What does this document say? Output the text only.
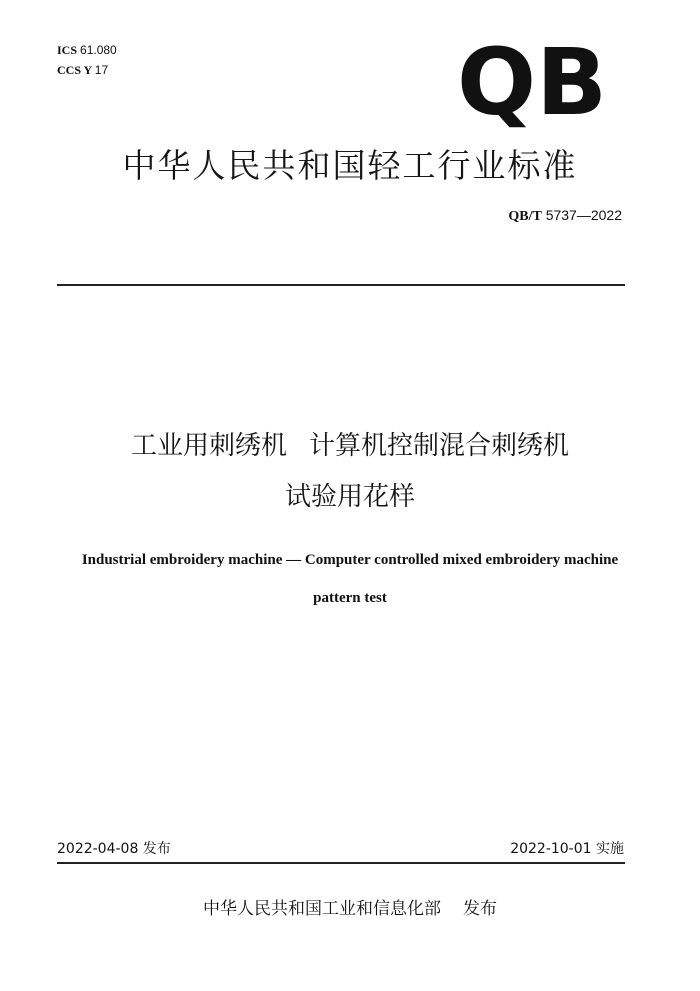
ICS 61.080
CCS Y 17	QB
中华人民共和国轻工行业标准
QB/T 5737—2022
工业用刺绣机 计算机控制混合刺绣机
试验用花样
Industrial embroidery machine — Computer controlled mixed embroidery machine
pattern test
2022-04-08 发布	2022-10-01 实施
中华人民共和国工业和信息化部 发布
